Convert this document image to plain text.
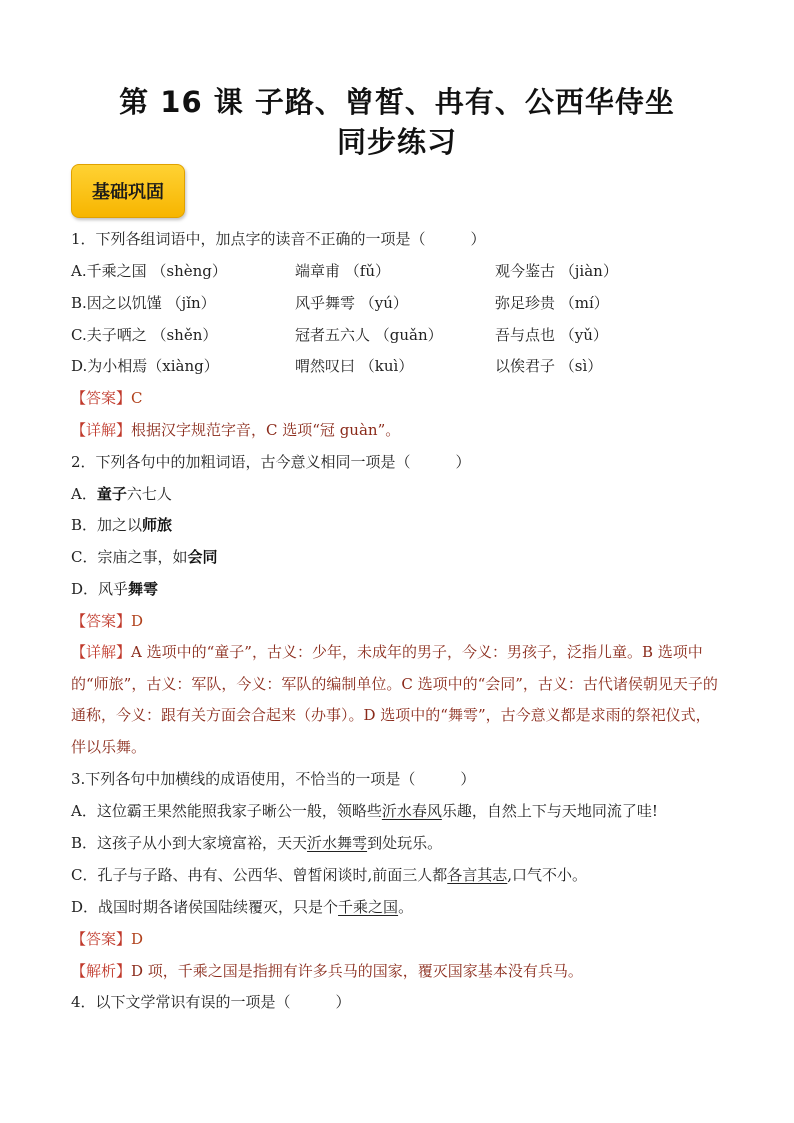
第 16 课 子路、曾皙、冉有、公西华侍坐
同步练习
基础巩固
1．下列各组词语中，加点字的读音不正确的一项是（　　　）
A.千乘之国 （shèng）	端章甫 （fǔ）	观今鉴古 （jiàn）
B.因之以饥馑 （jǐn）	风乎舞雩 （yú）	弥足珍贵 （mí）
C.夫子哂之 （shěn）	冠者五六人 （guǎn）	吾与点也 （yǔ）
D.为小相焉（xiàng）	喟然叹曰 （kuì）	以俟君子 （sì）
【答案】C
【详解】根据汉字规范字音，C 选项“冠 guàn”。
2．下列各句中的加粗词语，古今意义相同一项是（　　　）
A．童子六七人
B．加之以师旅
C．宗庙之事，如会同
D．风乎舞雩
【答案】D
【详解】A 选项中的“童子”，古义：少年，未成年的男子，今义：男孩子，泛指儿童。B 选项中的“师旅”，古义：军队，今义：军队的编制单位。C 选项中的“会同”，古义：古代诸侯朝见天子的通称，今义：跟有关方面会合起来（办事）。D 选项中的“舞雩”，古今意义都是求雨的祭祀仪式，伴以乐舞。
3.下列各句中加横线的成语使用，不恰当的一项是（　　　）
A．这位霸王果然能照我家子晰公一般，领略些沂水春风乐趣，自然上下与天地同流了哇!
B．这孩子从小到大家境富裕，天天沂水舞雩到处玩乐。
C．孔子与子路、冉有、公西华、曾皙闲谈时,前面三人都各言其志,口气不小。
D．战国时期各诸侯国陆续覆灭，只是个千乘之国。
【答案】D
【解析】D 项，千乘之国是指拥有许多兵马的国家，覆灭国家基本没有兵马。
4．以下文学常识有误的一项是（　　　）
